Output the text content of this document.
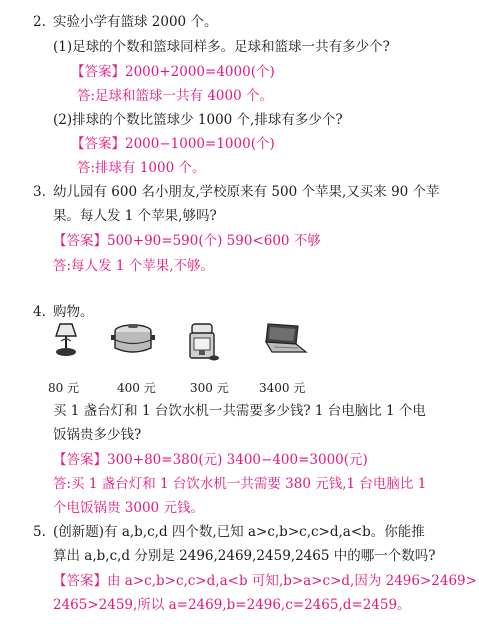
2. 实验小学有篮球 2000 个。
(1)足球的个数和篮球同样多。足球和篮球一共有多少个?
【答案】2000+2000=4000(个)
答:足球和篮球一共有 4000 个。
(2)排球的个数比篮球少 1000 个,排球有多少个?
【答案】2000−1000=1000(个)
答:排球有 1000 个。
3. 幼儿园有 600 名小朋友,学校原来有 500 个苹果,又买来 90 个苹
果。每人发 1 个苹果,够吗?
【答案】500+90=590(个) 590<600 不够
答:每人发 1 个苹果,不够。
4. 购物。
80 元	400 元	300 元	3400 元
买 1 盏台灯和 1 台饮水机一共需要多少钱? 1 台电脑比 1 个电
饭锅贵多少钱?
【答案】300+80=380(元) 3400−400=3000(元)
答:买 1 盏台灯和 1 台饮水机一共需要 380 元钱,1 台电脑比 1
个电饭锅贵 3000 元钱。
5. (创新题)有 a,b,c,d 四个数,已知 a>c,b>c,c>d,a<b。你能推
算出 a,b,c,d 分别是 2496,2469,2459,2465 中的哪一个数吗?
【答案】由 a>c,b>c,c>d,a<b 可知,b>a>c>d,因为 2496>2469>
2465>2459,所以 a=2469,b=2496,c=2465,d=2459。
